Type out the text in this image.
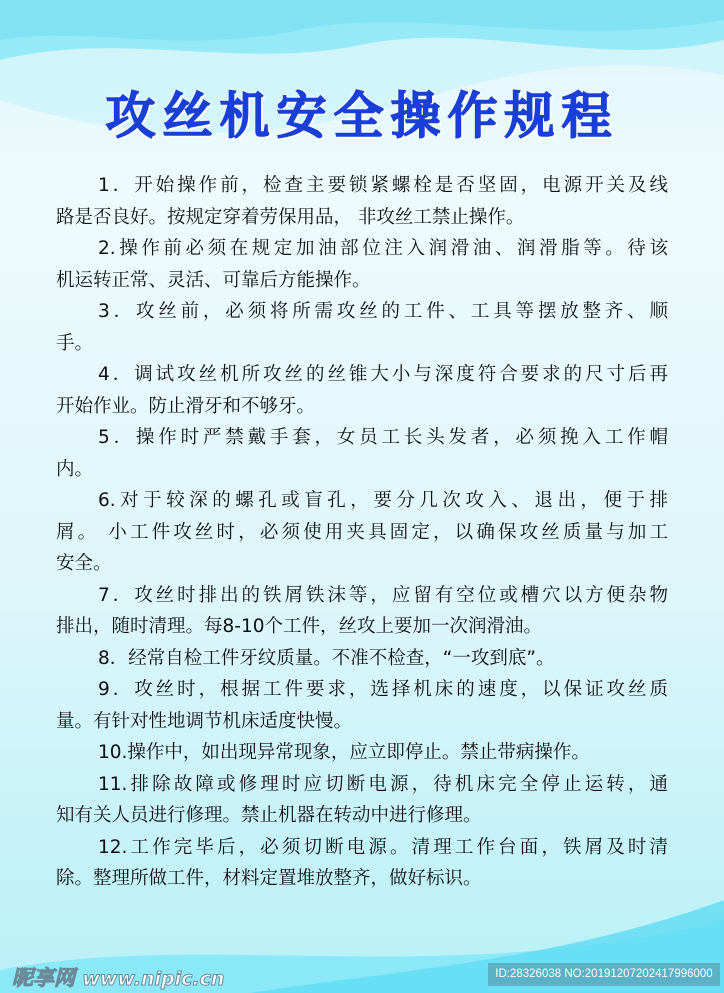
攻丝机安全操作规程
1．开始操作前，检查主要锁紧螺栓是否坚固，电源开关及线
路是否良好。按规定穿着劳保用品， 非攻丝工禁止操作。
2.操作前必须在规定加油部位注入润滑油、润滑脂等。待该
机运转正常、灵活、可靠后方能操作。
3．攻丝前，必须将所需攻丝的工件、工具等摆放整齐、顺
手。
4．调试攻丝机所攻丝的丝锥大小与深度符合要求的尺寸后再
开始作业。防止滑牙和不够牙。
5．操作时严禁戴手套，女员工长头发者，必须挽入工作帽
内。
6.对于较深的螺孔或盲孔，要分几次攻入、退出，便于排
屑。 小工件攻丝时，必须使用夹具固定，以确保攻丝质量与加工
安全。
7．攻丝时排出的铁屑铁沫等，应留有空位或槽穴以方便杂物
排出，随时清理。每8-10个工件，丝攻上要加一次润滑油。
8．经常自检工件牙纹质量。不准不检查，“一攻到底”。
9．攻丝时，根据工件要求，选择机床的速度，以保证攻丝质
量。有针对性地调节机床适度快慢。
10.操作中，如出现异常现象，应立即停止。禁止带病操作。
11.排除故障或修理时应切断电源，待机床完全停止运转，通
知有关人员进行修理。禁止机器在转动中进行修理。
12.工作完毕后，必须切断电源。清理工作台面，铁屑及时清
除。整理所做工件，材料定置堆放整齐，做好标识。
昵享网 www.nipic.cn	ID:28326038 NO:20191207202417996000
